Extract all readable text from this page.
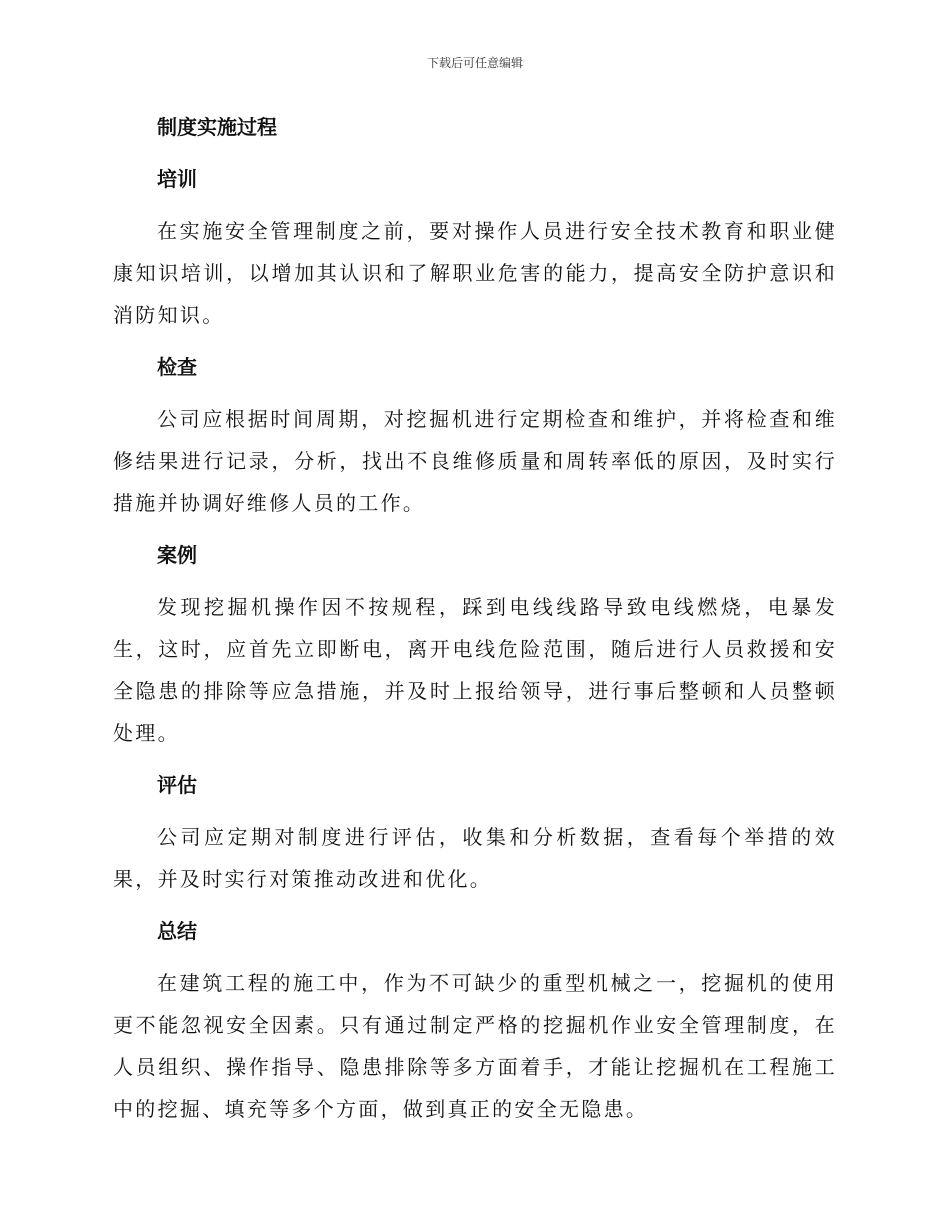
下载后可任意编辑
制度实施过程
培训

在实施安全管理制度之前，要对操作人员进行安全技术教育和职业健康知识培训，以增加其认识和了解职业危害的能力，提高安全防护意识和消防知识。

检查

公司应根据时间周期，对挖掘机进行定期检查和维护，并将检查和维修结果进行记录，分析，找出不良维修质量和周转率低的原因，及时实行措施并协调好维修人员的工作。

案例

发现挖掘机操作因不按规程，踩到电线线路导致电线燃烧，电暴发生，这时，应首先立即断电，离开电线危险范围，随后进行人员救援和安全隐患的排除等应急措施，并及时上报给领导，进行事后整顿和人员整顿处理。

评估

公司应定期对制度进行评估，收集和分析数据，查看每个举措的效果，并及时实行对策推动改进和优化。

总结

在建筑工程的施工中，作为不可缺少的重型机械之一，挖掘机的使用更不能忽视安全因素。只有通过制定严格的挖掘机作业安全管理制度，在人员组织、操作指导、隐患排除等多方面着手，才能让挖掘机在工程施工中的挖掘、填充等多个方面，做到真正的安全无隐患。
